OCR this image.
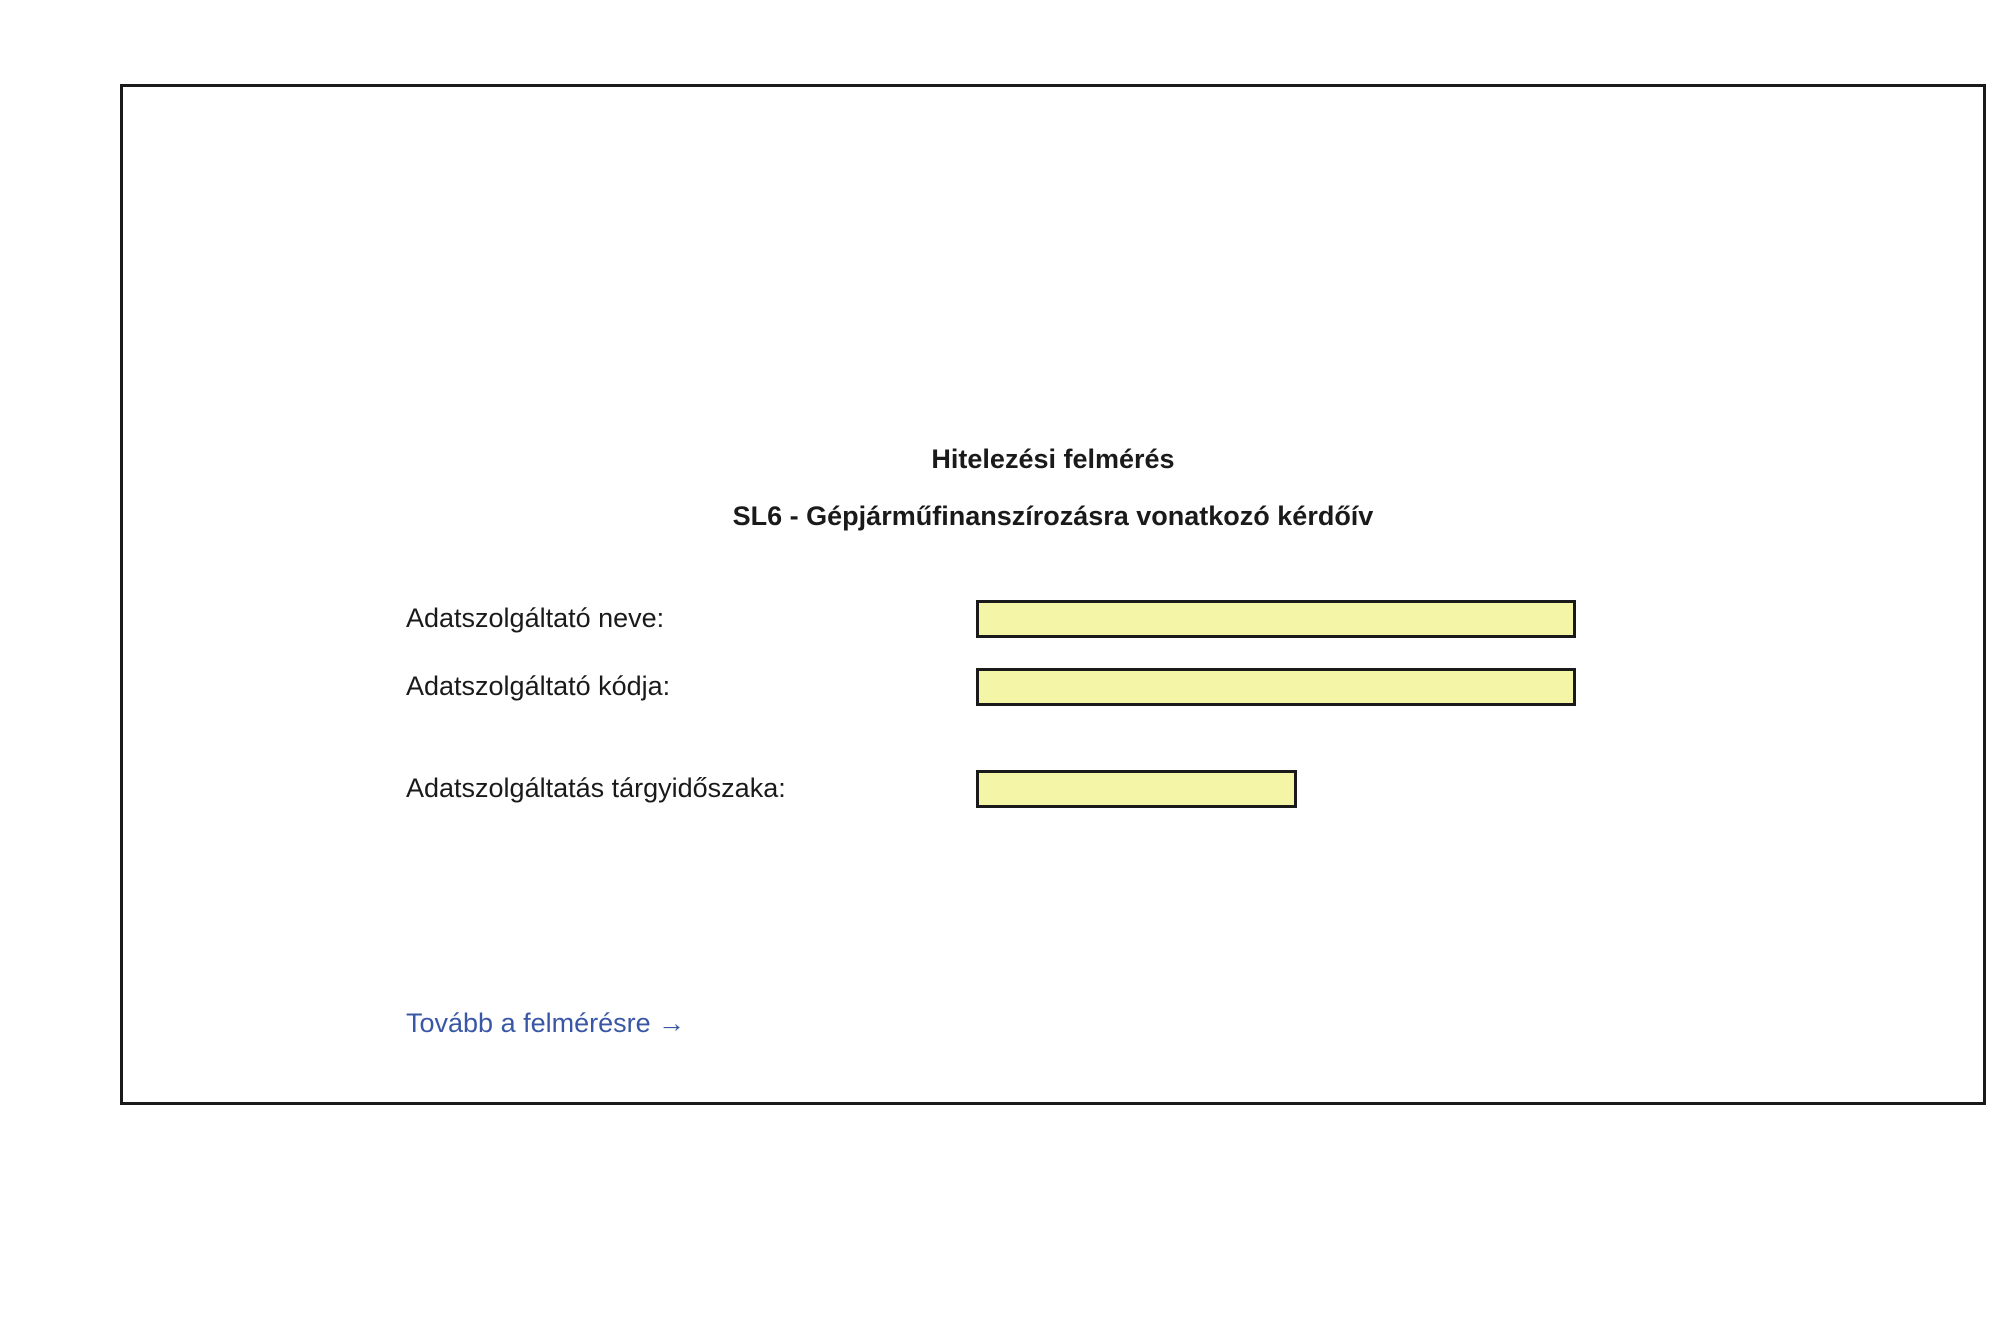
Hitelezési felmérés
SL6 - Gépjárműfinanszírozásra vonatkozó kérdőív
Adatszolgáltató neve:
Adatszolgáltató kódja:
Adatszolgáltatás tárgyidőszaka:
Tovább a felmérésre →
